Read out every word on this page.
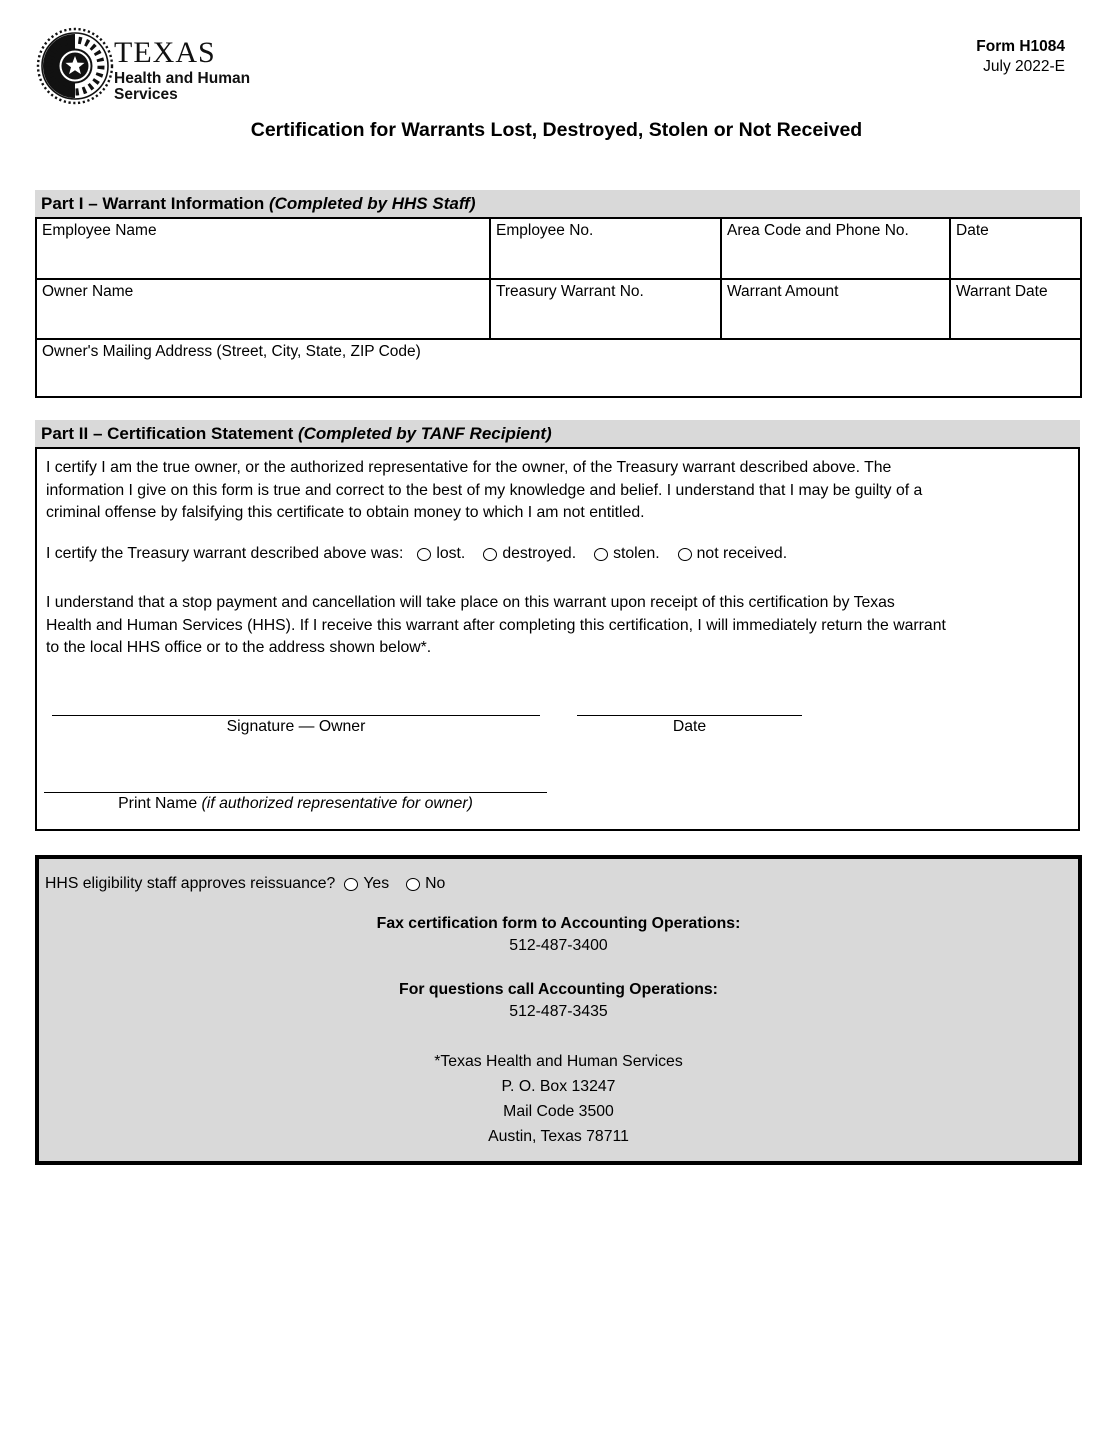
TEXAS
Health and Human
Services
Form H1084
July 2022-E
Certification for Warrants Lost, Destroyed, Stolen or Not Received
Part I – Warrant Information
(Completed by HHS Staff)
Employee Name	Employee No.	Area Code and Phone No.	Date
Owner Name	Treasury Warrant No.	Warrant Amount	Warrant Date
Owner's Mailing Address (Street, City, State, ZIP Code)			
Part II – Certification Statement
(Completed by TANF Recipient)
I certify I am the true owner, or the authorized representative for the owner, of the Treasury warrant described above. The
information I give on this form is true and correct to the best of my knowledge and belief. I understand that I may be guilty of a
criminal offense by falsifying this certificate to obtain money to which I am not entitled.
I certify the Treasury warrant described above was: lost. destroyed. stolen. not received.
I understand that a stop payment and cancellation will take place on this warrant upon receipt of this certification by Texas
Health and Human Services (HHS). If I receive this warrant after completing this certification, I will immediately return the warrant
to the local HHS office or to the address shown below*.
Signature — Owner	Date
Print Name (if authorized representative for owner)
HHS eligibility staff approves reissuance? Yes No
Fax certification form to Accounting Operations:
512-487-3400
For questions call Accounting Operations:
512-487-3435
*Texas Health and Human Services
P. O. Box 13247
Mail Code 3500
Austin, Texas 78711
